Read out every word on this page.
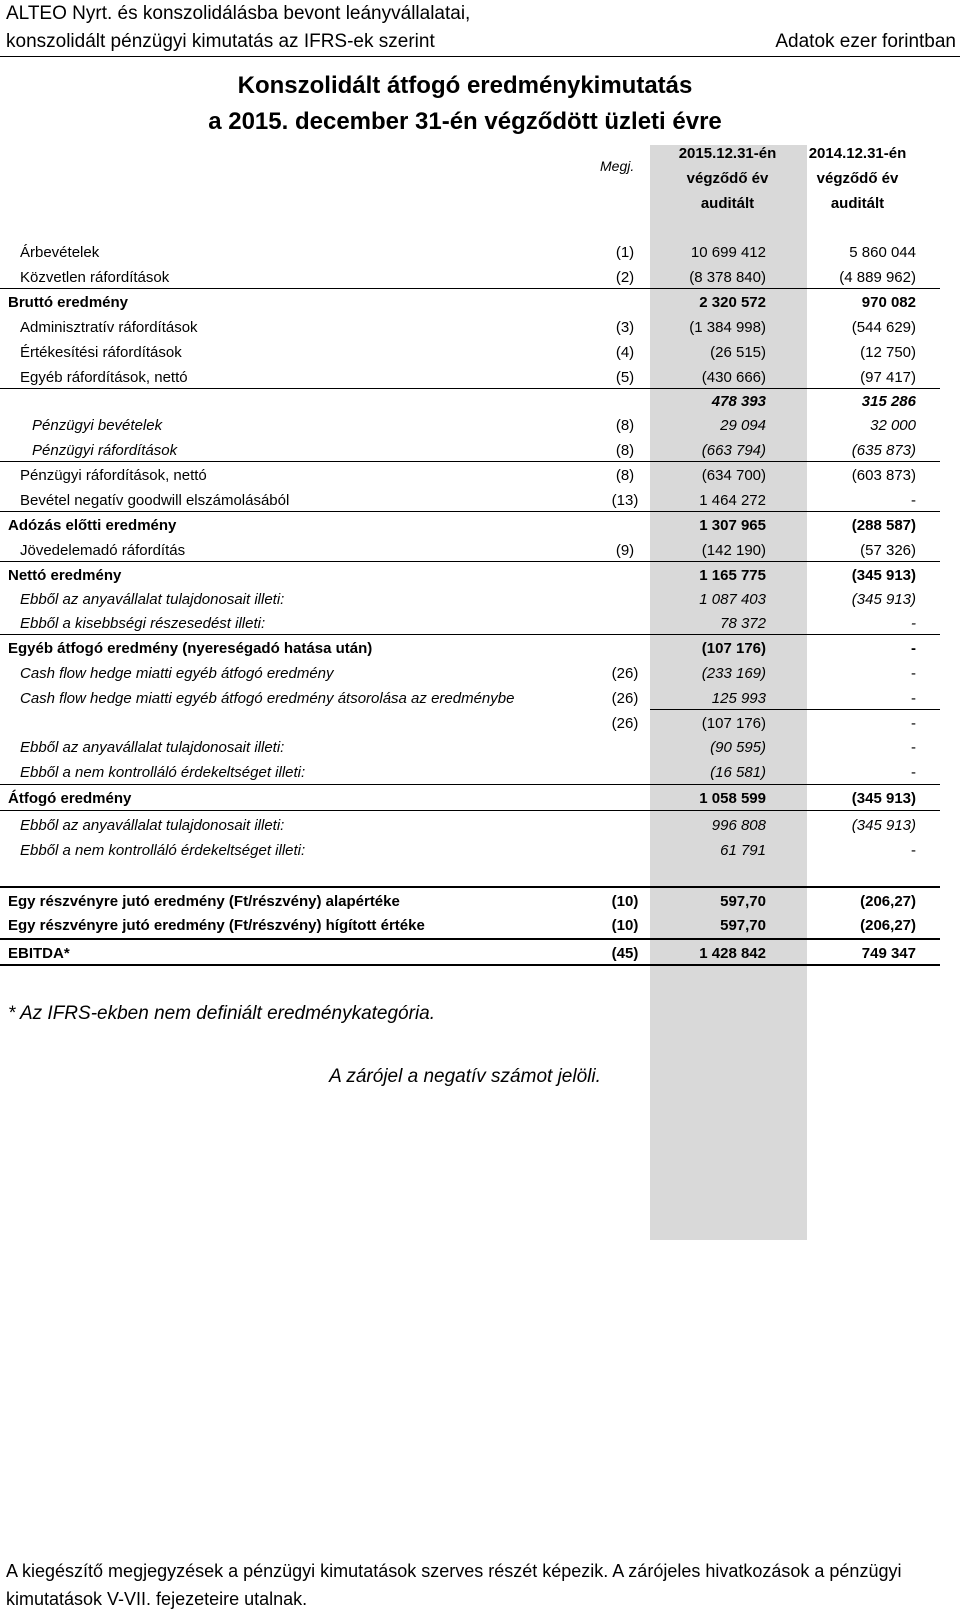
ALTEO Nyrt. és konszolidálásba bevont leányvállalatai,
konszolidált pénzügyi kimutatás az IFRS-ek szerint	Adatok ezer forintban
Konszolidált átfogó eredménykimutatás
a 2015. december 31-én végződött üzleti évre
Megj.
2015.12.31-én
végződő év
auditált
2014.12.31-én
végződő év
auditált
Árbevételek	(1)	10 699 412	5 860 044
Közvetlen ráfordítások	(2)	(8 378 840)	(4 889 962)
Bruttó eredmény	2 320 572	970 082
Adminisztratív ráfordítások	(3)	(1 384 998)	(544 629)
Értékesítési ráfordítások	(4)	(26 515)	(12 750)
Egyéb ráfordítások, nettó	(5)	(430 666)	(97 417)
478 393	315 286
Pénzügyi bevételek	(8)	29 094	32 000
Pénzügyi ráfordítások	(8)	(663 794)	(635 873)
Pénzügyi ráfordítások, nettó	(8)	(634 700)	(603 873)
Bevétel negatív goodwill elszámolásából	(13)	1 464 272	-
Adózás előtti eredmény	1 307 965	(288 587)
Jövedelemadó ráfordítás	(9)	(142 190)	(57 326)
Nettó eredmény	1 165 775	(345 913)
Ebből az anyavállalat tulajdonosait illeti:	1 087 403	(345 913)
Ebből a kisebbségi részesedést illeti:	78 372	-
Egyéb átfogó eredmény (nyereségadó hatása után)	(107 176)	-
Cash flow hedge miatti egyéb átfogó eredmény	(26)	(233 169)	-
Cash flow hedge miatti egyéb átfogó eredmény átsorolása az eredménybe	(26)	125 993	-
(26)	(107 176)	-
Ebből az anyavállalat tulajdonosait illeti:	(90 595)	-
Ebből a nem kontrolláló érdekeltséget illeti:	(16 581)	-
Átfogó eredmény	1 058 599	(345 913)
Ebből az anyavállalat tulajdonosait illeti:	996 808	(345 913)
Ebből a nem kontrolláló érdekeltséget illeti:	61 791	-
Egy részvényre jutó eredmény (Ft/részvény) alapértéke	(10)	597,70	(206,27)
Egy részvényre jutó eredmény (Ft/részvény) hígított értéke	(10)	597,70	(206,27)
EBITDA*	(45)	1 428 842	749 347
* Az IFRS-ekben nem definiált eredménykategória.
A zárójel a negatív számot jelöli.
A kiegészítő megjegyzések a pénzügyi kimutatások szerves részét képezik. A zárójeles hivatkozások a pénzügyi kimutatások V-VII. fejezeteire utalnak.
